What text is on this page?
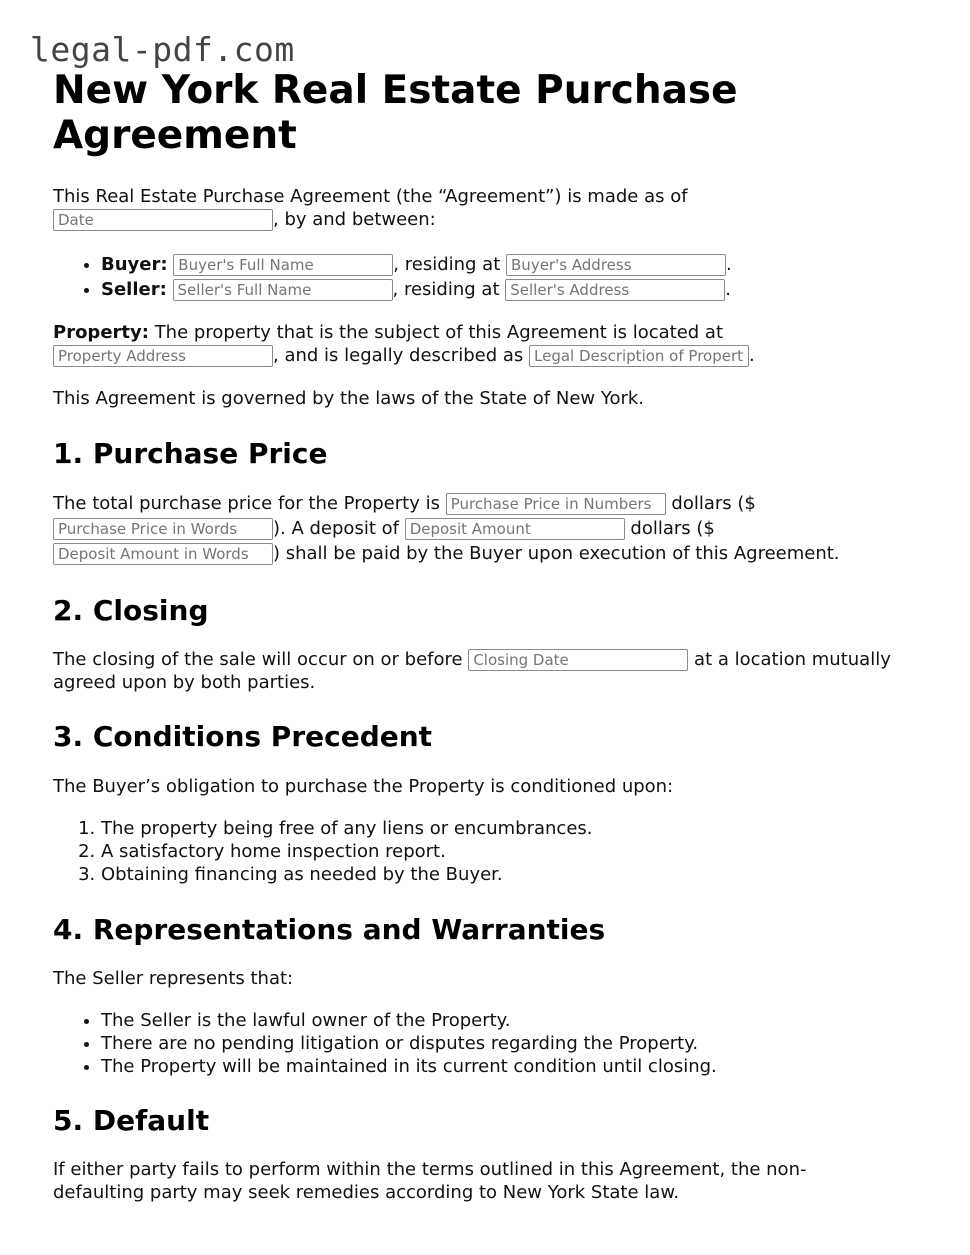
legal-pdf.com
New York Real Estate Purchase Agreement

This Real Estate Purchase Agreement (the “Agreement”) is made as of
Date, by and between:

• Buyer: Buyer's Full Name	, residing at Buyer's Address	.
• Seller: Seller's Full Name	, residing at Seller's Address	.

Property: The property that is the subject of this Agreement is located at
Property Address, and is legally described as Legal Description of Property	.

This Agreement is governed by the laws of the State of New York.

1. Purchase Price

The total purchase price for the Property is Purchase Price in Numbers	dollars ($
Purchase Price in Words). A deposit of Deposit Amount	dollars ($
Deposit Amount in Words) shall be paid by the Buyer upon execution of this Agreement.

2. Closing

The closing of the sale will occur on or before Closing Date	at a location mutually agreed upon by both parties.

3. Conditions Precedent

The Buyer’s obligation to purchase the Property is conditioned upon:

1. The property being free of any liens or encumbrances.
2. A satisfactory home inspection report.
3. Obtaining financing as needed by the Buyer.
4. Representations and Warranties

The Seller represents that:

• The Seller is the lawful owner of the Property.
• There are no pending litigation or disputes regarding the Property.
• The Property will be maintained in its current condition until closing.
5. Default

If either party fails to perform within the terms outlined in this Agreement, the non-defaulting party may seek remedies according to New York State law.
